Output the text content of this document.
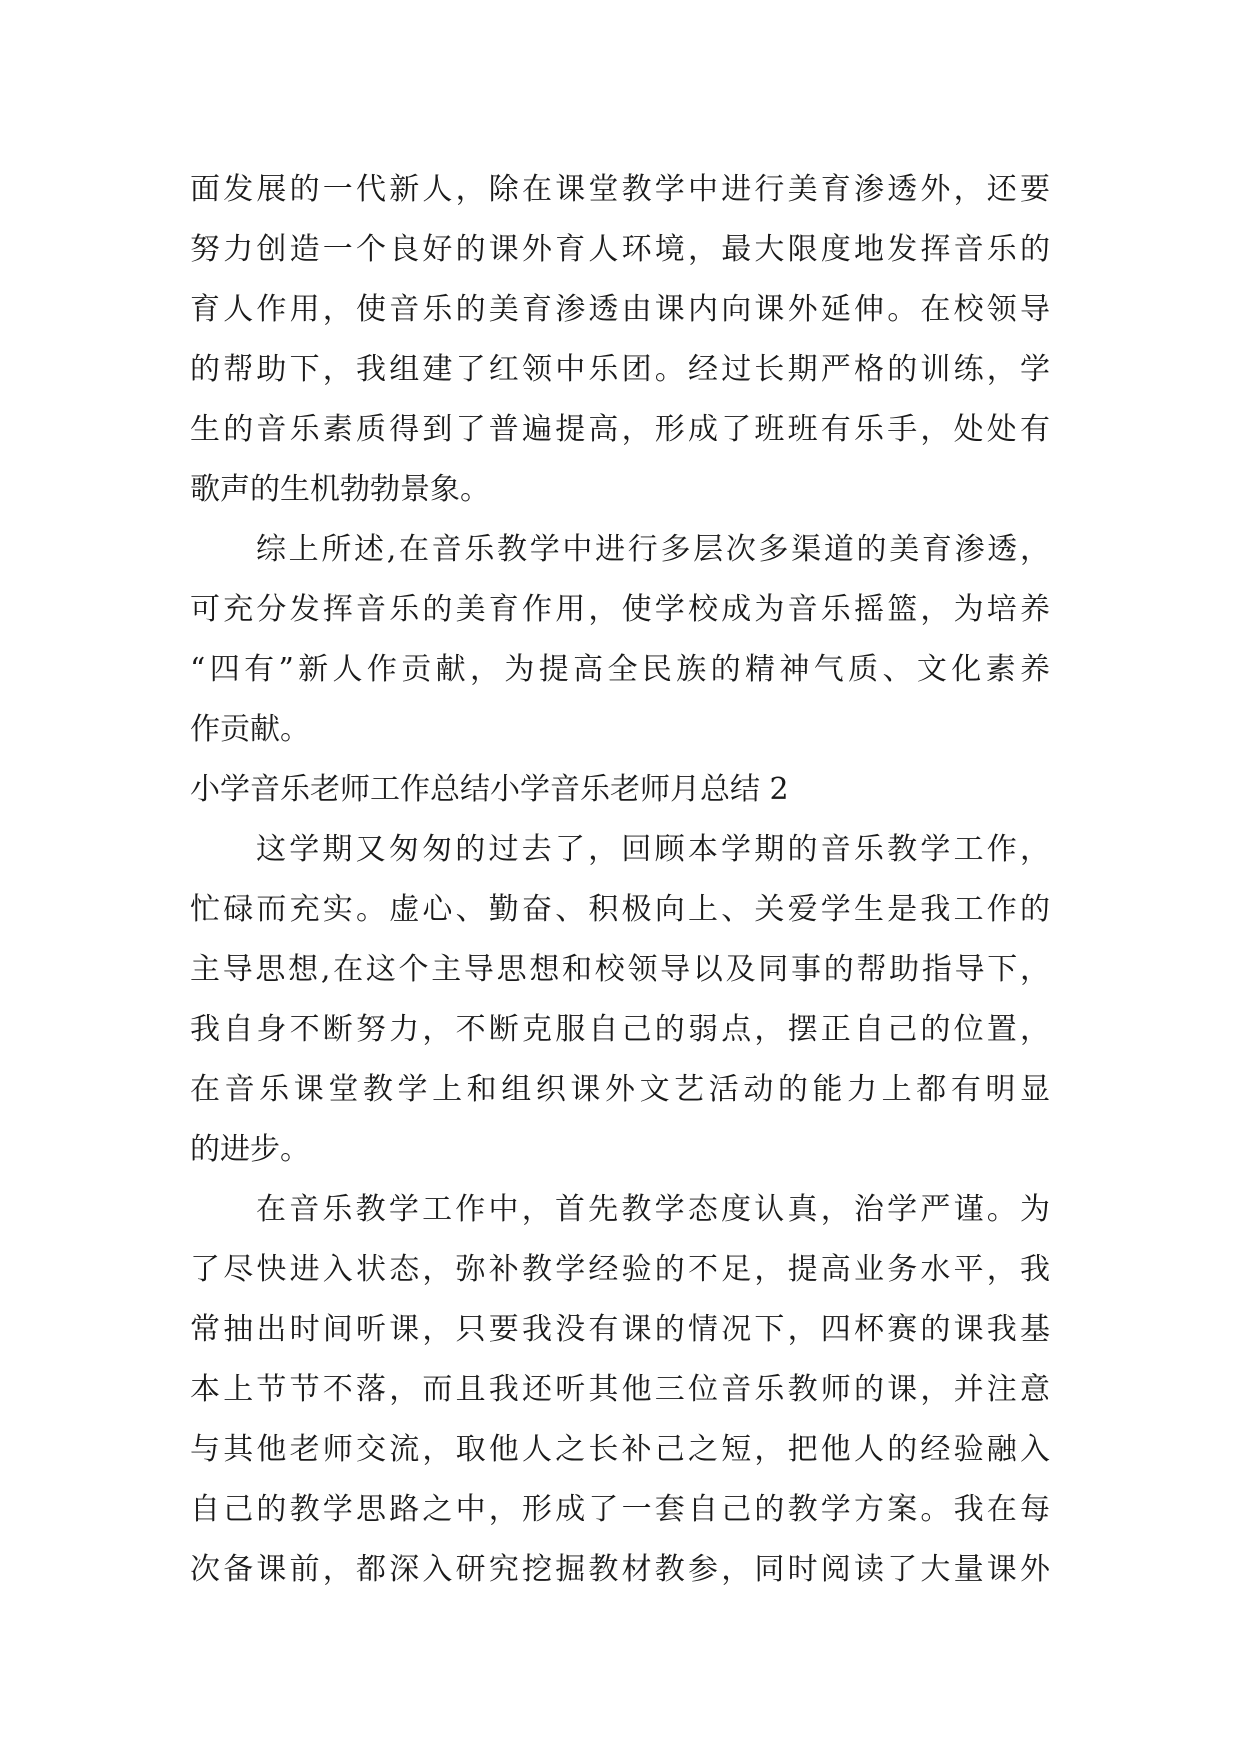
面发展的一代新人，除在课堂教学中进行美育渗透外，还要
努力创造一个良好的课外育人环境，最大限度地发挥音乐的
育人作用，使音乐的美育渗透由课内向课外延伸。在校领导
的帮助下，我组建了红领中乐团。经过长期严格的训练，学
生的音乐素质得到了普遍提高，形成了班班有乐手，处处有
歌声的生机勃勃景象。
综上所述,在音乐教学中进行多层次多渠道的美育渗透，
可充分发挥音乐的美育作用，使学校成为音乐摇篮，为培养
“四有”新人作贡献，为提高全民族的精神气质、文化素养
作贡献。
小学音乐老师工作总结小学音乐老师月总结 2
这学期又匆匆的过去了，回顾本学期的音乐教学工作，
忙碌而充实。虚心、勤奋、积极向上、关爱学生是我工作的
主导思想,在这个主导思想和校领导以及同事的帮助指导下，
我自身不断努力，不断克服自己的弱点，摆正自己的位置，
在音乐课堂教学上和组织课外文艺活动的能力上都有明显
的进步。
在音乐教学工作中，首先教学态度认真，治学严谨。为
了尽快进入状态，弥补教学经验的不足，提高业务水平，我
常抽出时间听课，只要我没有课的情况下，四杯赛的课我基
本上节节不落，而且我还听其他三位音乐教师的课，并注意
与其他老师交流，取他人之长补己之短，把他人的经验融入
自己的教学思路之中，形成了一套自己的教学方案。我在每
次备课前，都深入研究挖掘教材教参，同时阅读了大量课外
